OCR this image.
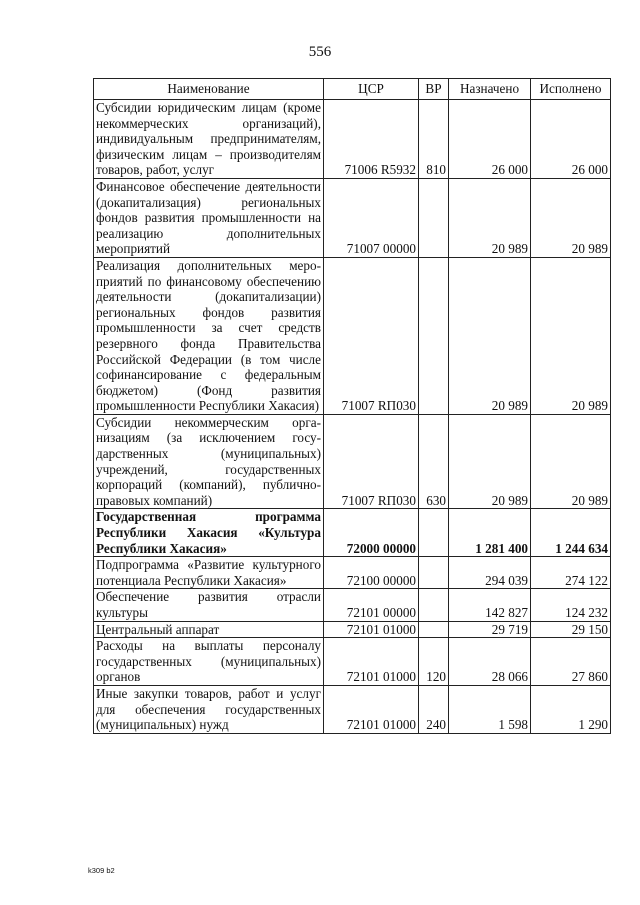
556
Наименование	ЦСР	ВР	Назначено	Исполнено
Субсидии юридическим лицам (кроме некоммерческих организаций), индивидуальным предпринимателям, физическим лицам – производителям товаров, работ, услуг	71006 R5932	810	26 000	26 000
Финансовое обеспечение деятельности (докапитализация) региональных фондов развития промышленности на реализацию дополнительных мероприятий	71007 00000		20 989	20 989
Реализация дополнительных мероприятий по финансовому обеспечению деятельности (докапитализации) региональных фондов развития промышленности за счет средств резервного фонда Правительства Российской Федерации (в том числе софинансирование с федеральным бюджетом) (Фонд развития промышленности Республики Хакасия)	71007 RП030		20 989	20 989
Субсидии некоммерческим организациям (за исключением государственных (муниципальных) учреждений, государственных корпораций (компаний), публично-правовых компаний)	71007 RП030	630	20 989	20 989
Государственная программа Республики Хакасия «Культура Республики Хакасия»	72000 00000		1 281 400	1 244 634
Подпрограмма «Развитие культурного потенциала Республики Хакасия»	72100 00000		294 039	274 122
Обеспечение развития отрасли культуры	72101 00000		142 827	124 232
Центральный аппарат	72101 01000		29 719	29 150
Расходы на выплаты персоналу государственных (муниципальных) органов	72101 01000	120	28 066	27 860
Иные закупки товаров, работ и услуг для обеспечения государственных (муниципальных) нужд	72101 01000	240	1 598	1 290
k309 b2
